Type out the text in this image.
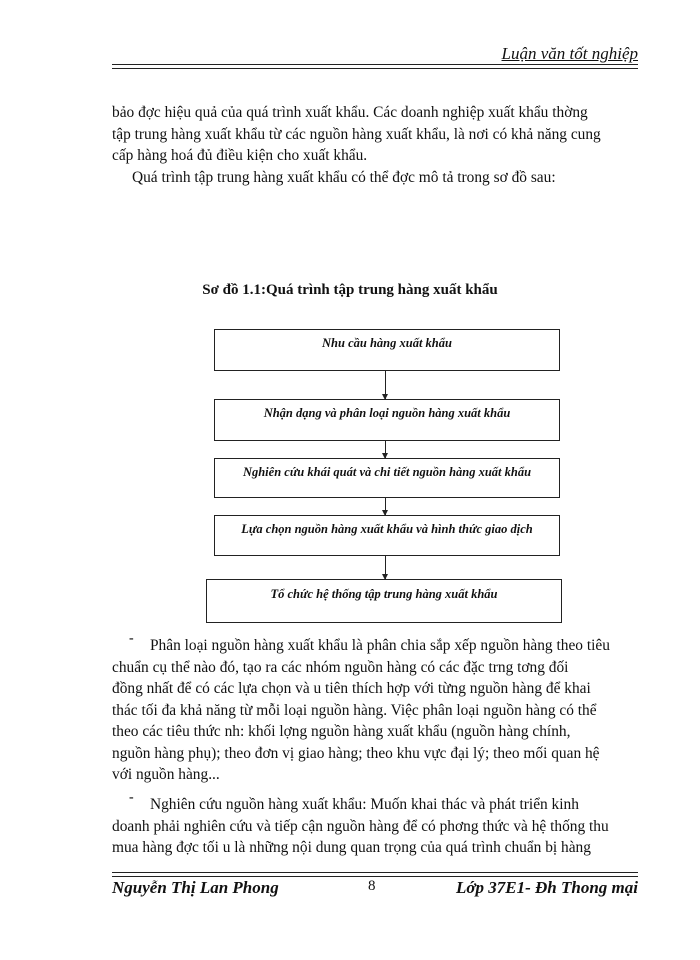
Luận văn tốt nghiệp
bảo đợc hiệu quả của quá trình xuất khẩu. Các doanh nghiệp xuất khẩu thờng
tập trung hàng xuất khẩu từ các nguồn hàng xuất khẩu, là nơi có khả năng cung
cấp hàng hoá đủ điều kiện cho xuất khẩu.
Quá trình tập trung hàng xuất khẩu có thể đợc mô tả trong sơ đồ sau:
Sơ đồ 1.1:Quá trình tập trung hàng xuất khẩu
Nhu cầu hàng xuất khẩu
Nhận dạng và phân loại nguồn hàng xuất khẩu
Nghiên cứu khái quát và chi tiết nguồn hàng xuất khẩu
Lựa chọn nguồn hàng xuất khẩu và hình thức giao dịch
Tổ chức hệ thống tập trung hàng xuất khẩu
-	Phân loại nguồn hàng xuất khẩu là phân chia sắp xếp nguồn hàng theo tiêu
chuẩn cụ thể nào đó, tạo ra các nhóm nguồn hàng có các đặc trng tơng đối
đồng nhất để có các lựa chọn và u tiên thích hợp với từng nguồn hàng để khai
thác tối đa khả năng từ mỗi loại nguồn hàng. Việc phân loại nguồn hàng có thể
theo các tiêu thức nh: khối lợng nguồn hàng xuất khẩu (nguồn hàng chính,
nguồn hàng phụ); theo đơn vị giao hàng; theo khu vực đại lý; theo mối quan hệ
với nguồn hàng...
-	Nghiên cứu nguồn hàng xuất khẩu: Muốn khai thác và phát triển kinh
doanh phải nghiên cứu và tiếp cận nguồn hàng để có phơng thức và hệ thống thu
mua hàng đợc tối u là những nội dung quan trọng của quá trình chuẩn bị hàng
Nguyễn Thị Lan Phong	8	Lớp 37E1- Đh Thong mại
